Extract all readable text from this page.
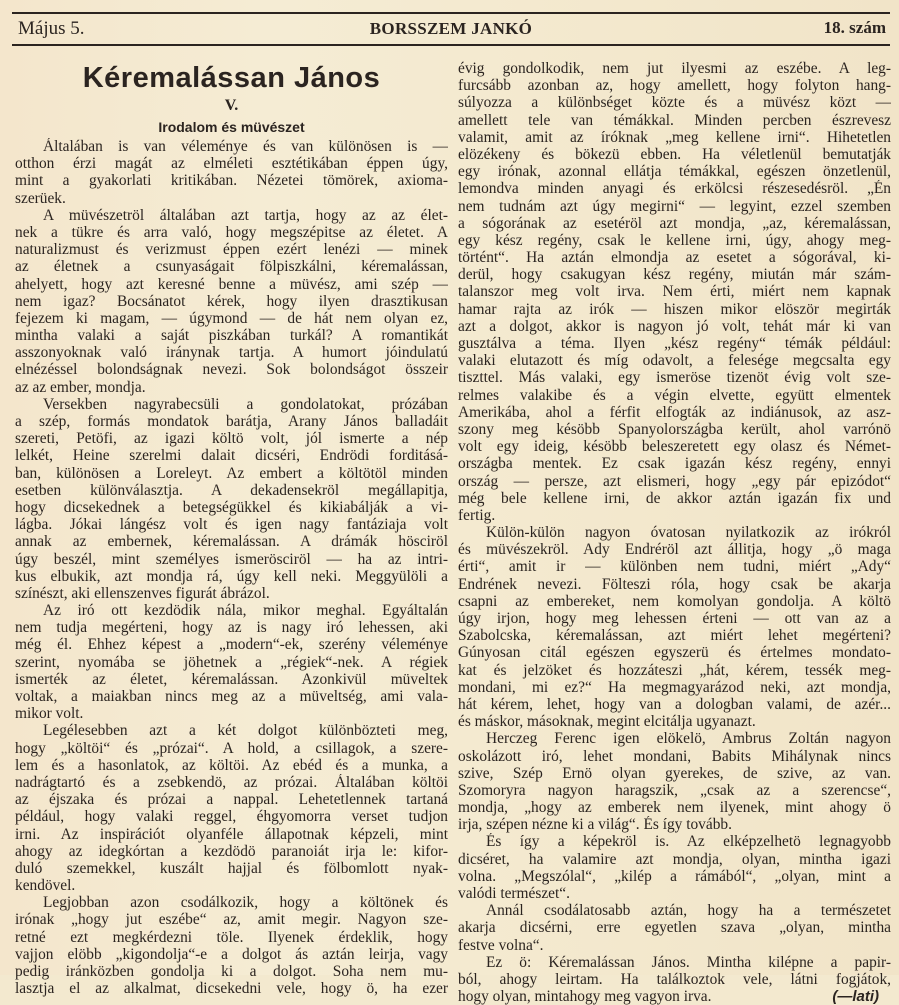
Május 5.	BORSSZEM JANKÓ	18. szám
Kéremalássan János
V.
Irodalom és müvészet
Általában is van véleménye és van különösen is —
otthon érzi magát az elméleti esztétikában éppen úgy,
mint a gyakorlati kritikában. Nézetei tömörek, axioma-
szerüek.
A müvészetröl általában azt tartja, hogy az az élet-
nek a tükre és arra való, hogy megszépitse az életet. A
naturalizmust és verizmust éppen ezért lenézi — minek
az életnek a csunyaságait fölpiszkálni, kéremalássan,
ahelyett, hogy azt keresné benne a müvész, ami szép —
nem igaz? Bocsánatot kérek, hogy ilyen drasztikusan
fejezem ki magam, — úgymond — de hát nem olyan ez,
mintha valaki a saját piszkában turkál? A romantikát
asszonyoknak való iránynak tartja. A humort jóindulatú
elnézéssel bolondságnak nevezi. Sok bolondságot összeir
az az ember, mondja.
Versekben nagyrabecsüli a gondolatokat, prózában
a szép, formás mondatok barátja, Arany János balladáit
szereti, Petöfi, az igazi költö volt, jól ismerte a nép
lelkét, Heine szerelmi dalait dicséri, Endrödi forditásá-
ban, különösen a Loreleyt. Az embert a költötöl minden
esetben különválasztja. A dekadensekröl megállapitja,
hogy dicsekednek a betegségükkel és kikiabálják a vi-
lágba. Jókai lángész volt és igen nagy fantáziaja volt
annak az embernek, kéremalássan. A drámák hösciröl
úgy beszél, mint személyes ismerösciröl — ha az intri-
kus elbukik, azt mondja rá, úgy kell neki. Meggyülöli a
színészt, aki ellenszenves figurát ábrázol.
Az iró ott kezdödik nála, mikor meghal. Egyáltalán
nem tudja megérteni, hogy az is nagy iró lehessen, aki
még él. Ehhez képest a „modern“-ek, szerény véleménye
szerint, nyomába se jöhetnek a „régiek“-nek. A régiek
ismerték az életet, kéremalássan. Azonkivül müveltek
voltak, a maiakban nincs meg az a müveltség, ami vala-
mikor volt.
Legélesebben azt a két dolgot különbözteti meg,
hogy „költöi“ és „prózai“. A hold, a csillagok, a szere-
lem és a hasonlatok, az költöi. Az ebéd és a munka, a
nadrágtartó és a zsebkendö, az prózai. Általában költöi
az éjszaka és prózai a nappal. Lehetetlennek tartaná
például, hogy valaki reggel, éhgyomorra verset tudjon
irni. Az inspirációt olyanféle állapotnak képzeli, mint
ahogy az idegkórtan a kezdödö paranoiát irja le: kifor-
duló szemekkel, kuszált hajjal és fölbomlott nyak-
kendövel.
Legjobban azon csodálkozik, hogy a költönek és
irónak „hogy jut eszébe“ az, amit megir. Nagyon sze-
retné ezt megkérdezni töle. Ilyenek érdeklik, hogy
vajjon elöbb „kigondolja“-e a dolgot ás aztán leirja, vagy
pedig iránközben gondolja ki a dolgot. Soha nem mu-
lasztja el az alkalmat, dicsekedni vele, hogy ö, ha ezer
évig gondolkodik, nem jut ilyesmi az eszébe. A leg-
furcsább azonban az, hogy amellett, hogy folyton hang-
súlyozza a különbséget közte és a müvész közt —
amellett tele van témákkal. Minden percben észrevesz
valamit, amit az íróknak „meg kellene irni“. Hihetetlen
elözékeny és bökezü ebben. Ha véletlenül bemutatják
egy irónak, azonnal ellátja témákkal, egészen önzetlenül,
lemondva minden anyagi és erkölcsi részesedésröl. „Én
nem tudnám azt úgy megirni“ — legyint, ezzel szemben
a sógorának az esetéröl azt mondja, „az, kéremalássan,
egy kész regény, csak le kellene irni, úgy, ahogy meg-
történt“. Ha aztán elmondja az esetet a sógorával, ki-
derül, hogy csakugyan kész regény, miután már szám-
talanszor meg volt irva. Nem érti, miért nem kapnak
hamar rajta az irók — hiszen mikor elöször megirták
azt a dolgot, akkor is nagyon jó volt, tehát már ki van
gusztálva a téma. Ilyen „kész regény“ témák például:
valaki elutazott és míg odavolt, a felesége megcsalta egy
tiszttel. Más valaki, egy ismeröse tizenöt évig volt sze-
relmes valakibe és a végin elvette, együtt elmentek
Amerikába, ahol a férfit elfogták az indiánusok, az asz-
szony meg késöbb Spanyolországba került, ahol varrónö
volt egy ideig, késöbb beleszeretett egy olasz és Német-
országba mentek. Ez csak igazán kész regény, ennyi
ország — persze, azt elismeri, hogy „egy pár epizódot“
még bele kellene irni, de akkor aztán igazán fix und
fertig.
Külön-külön nagyon óvatosan nyilatkozik az irókról
és müvészekröl. Ady Endréröl azt állitja, hogy „ö maga
érti“, amit ir — különben nem tudni, miért „Ady“
Endrének nevezi. Fölteszi róla, hogy csak be akarja
csapni az embereket, nem komolyan gondolja. A költö
úgy irjon, hogy meg lehessen érteni — ott van az a
Szabolcska, kéremalássan, azt miért lehet megérteni?
Gúnyosan citál egészen egyszerü és értelmes mondato-
kat és jelzöket és hozzáteszi „hát, kérem, tessék meg-
mondani, mi ez?“ Ha megmagyarázod neki, azt mondja,
hát kérem, lehet, hogy van a dologban valami, de azér...
és máskor, másoknak, megint elcitálja ugyanazt.
Herczeg Ferenc igen elökelö, Ambrus Zoltán nagyon
oskolázott iró, lehet mondani, Babits Mihálynak nincs
szive, Szép Ernö olyan gyerekes, de szive, az van.
Szomoryra nagyon haragszik, „csak az a szerencse“,
mondja, „hogy az emberek nem ilyenek, mint ahogy ö
irja, szépen nézne ki a világ“. És így tovább.
És így a képekröl is. Az elképzelhetö legnagyobb
dicséret, ha valamire azt mondja, olyan, mintha igazi
volna. „Megszólal“, „kilép a rámából“, „olyan, mint a
valódi természet“.
Annál csodálatosabb aztán, hogy ha a természetet
akarja dicsérni, erre egyetlen szava „olyan, mintha
festve volna“.
Ez ö: Kéremalássan János. Mintha kilépne a papir-
ból, ahogy leirtam. Ha találkoztok vele, látni fogjátok,
hogy olyan, mintahogy meg vagyon irva.	(—lati)
